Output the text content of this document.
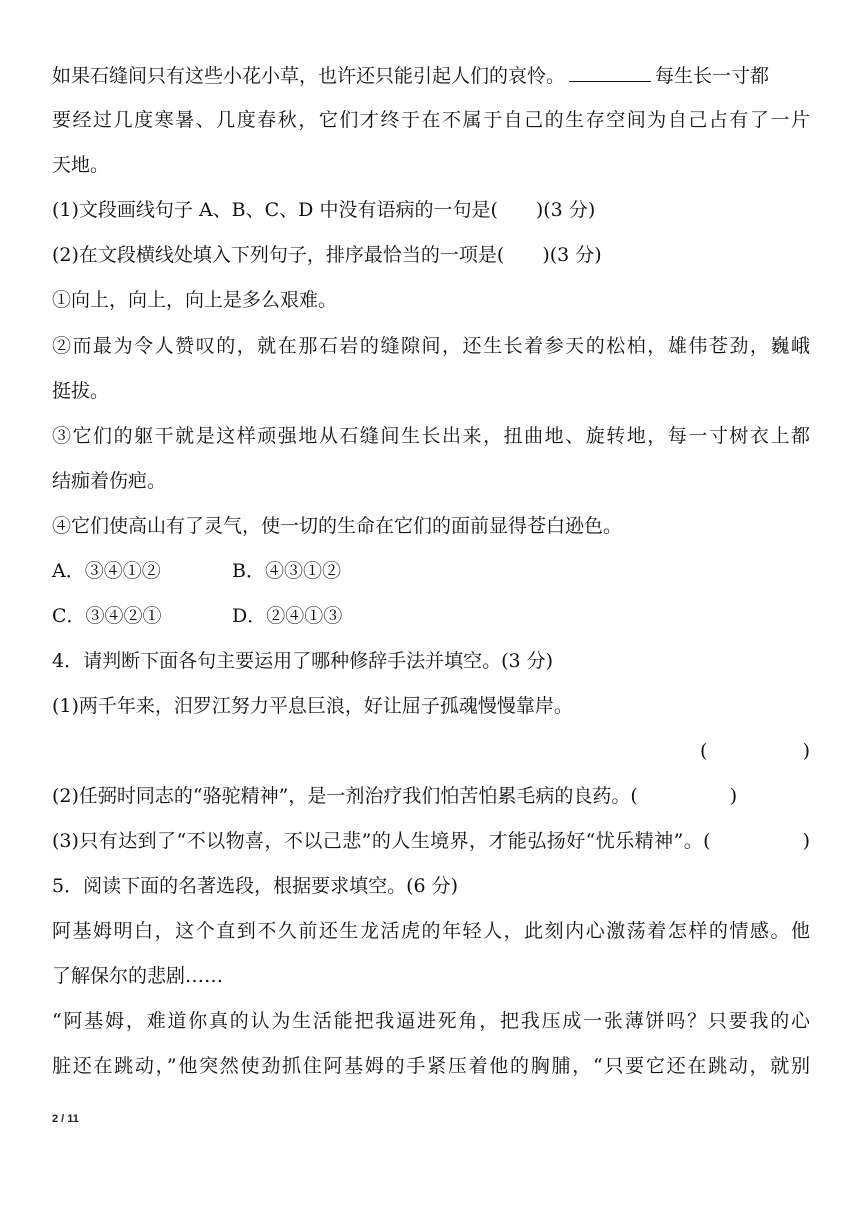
如果石缝间只有这些小花小草，也许还只能引起人们的哀怜。	每生长一寸都
要经过几度寒暑、几度春秋，它们才终于在不属于自己的生存空间为自己占有了一片
天地。
(1)文段画线句子 A、B、C、D 中没有语病的一句是(　　)(3 分)
(2)在文段横线处填入下列句子，排序最恰当的一项是(　　)(3 分)
①向上，向上，向上是多么艰难。
②而最为令人赞叹的，就在那石岩的缝隙间，还生长着参天的松柏，雄伟苍劲，巍峨
挺拔。
③它们的躯干就是这样顽强地从石缝间生长出来，扭曲地、旋转地，每一寸树衣上都
结痂着伤疤。
④它们使高山有了灵气，使一切的生命在它们的面前显得苍白逊色。
A．③④①②	B．④③①②
C．③④②①	D．②④①③
4．请判断下面各句主要运用了哪种修辞手法并填空。(3 分)
(1)两千年来，汨罗江努力平息巨浪，好让屈子孤魂慢慢靠岸。
(	)
(2)任弼时同志的“骆驼精神”，是一剂治疗我们怕苦怕累毛病的良药。(	)
(3)只有达到了“不以物喜，不以己悲”的人生境界，才能弘扬好“忧乐精神”。(	)
5．阅读下面的名著选段，根据要求填空。(6 分)
阿基姆明白，这个直到不久前还生龙活虎的年轻人，此刻内心激荡着怎样的情感。他
了解保尔的悲剧……
“阿基姆，难道你真的认为生活能把我逼进死角，把我压成一张薄饼吗？只要我的心
脏还在跳动，”他突然使劲抓住阿基姆的手紧压着他的胸脯，“只要它还在跳动，就别
2 / 11
